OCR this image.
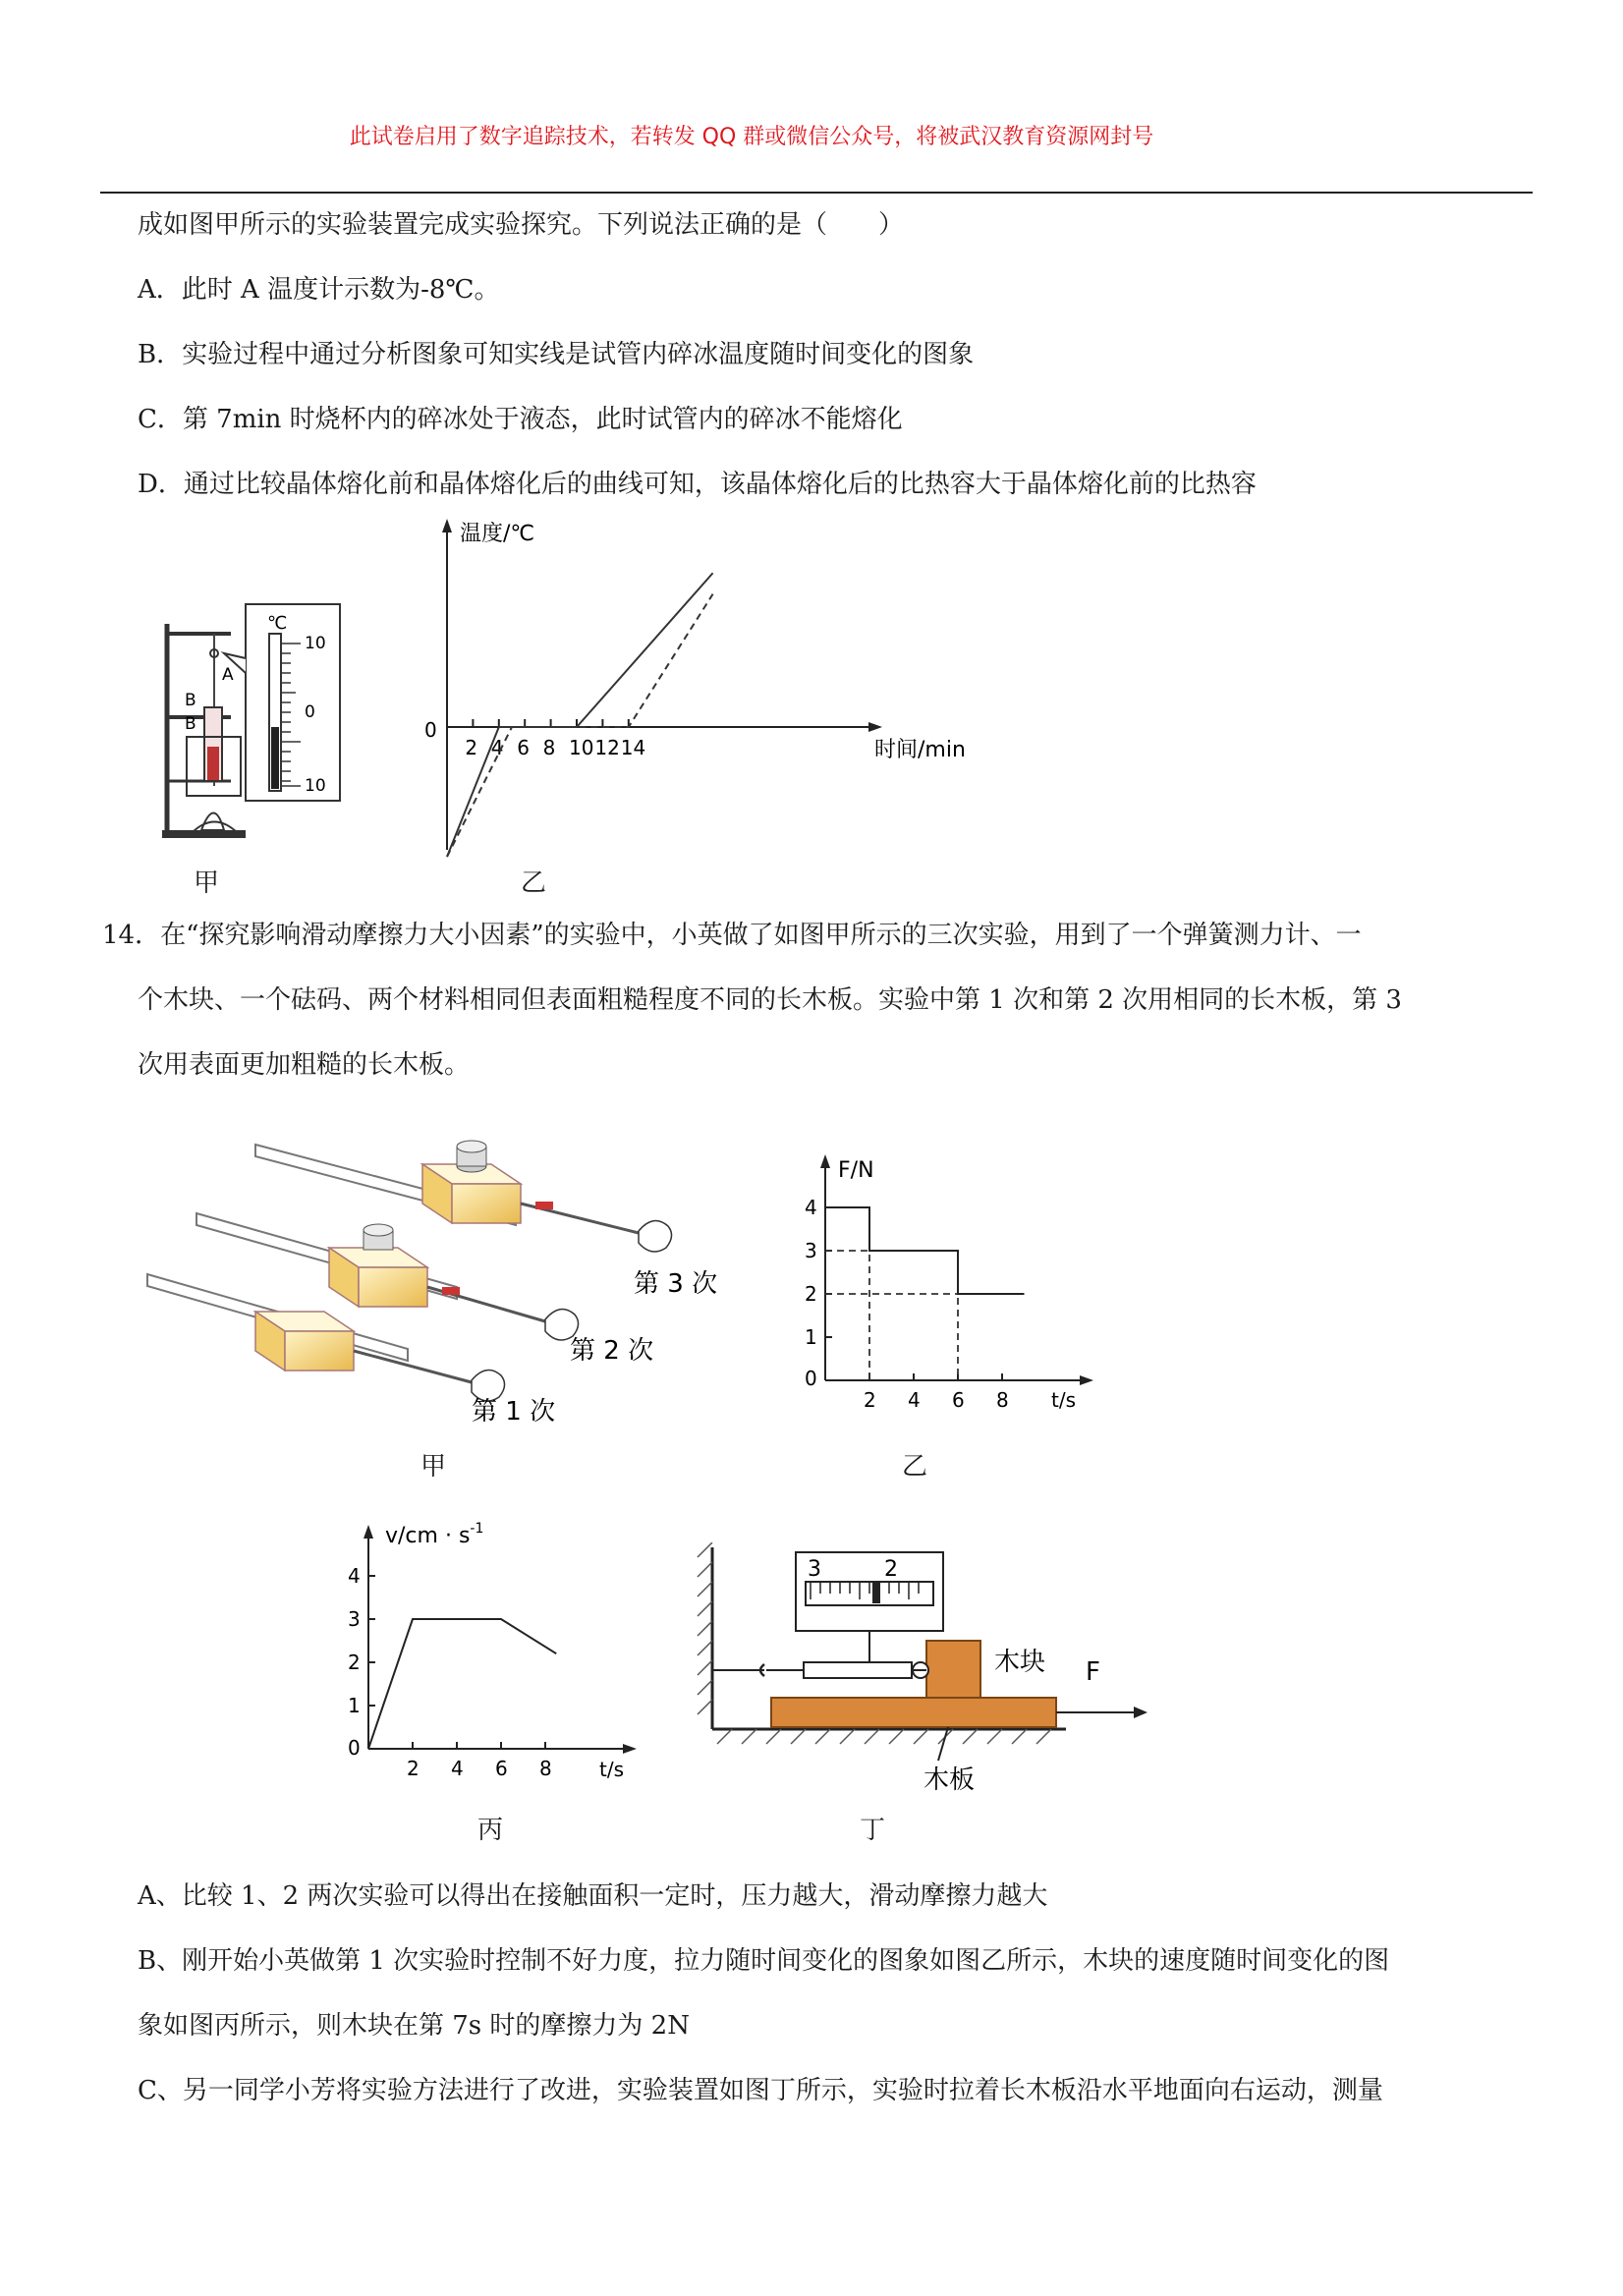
此试卷启用了数字追踪技术，若转发 QQ 群或微信公众号，将被武汉教育资源网封号
成如图甲所示的实验装置完成实验探究。下列说法正确的是（　　）
A．此时 A 温度计示数为-8℃。
B．实验过程中通过分析图象可知实线是试管内碎冰温度随时间变化的图象
C．第 7min 时烧杯内的碎冰处于液态，此时试管内的碎冰不能熔化
D．通过比较晶体熔化前和晶体熔化后的曲线可知，该晶体熔化后的比热容大于晶体熔化前的比热容
℃
10
0
10
A
B
B
甲
温度/℃
时间/min
0
2 4 6 8 10 12 14
乙
14．在“探究影响滑动摩擦力大小因素”的实验中，小英做了如图甲所示的三次实验，用到了一个弹簧测力计、一
个木块、一个砝码、两个材料相同但表面粗糙程度不同的长木板。实验中第 1 次和第 2 次用相同的长木板，第 3
次用表面更加粗糙的长木板。
第 3 次
第 2 次
第 1 次
甲
F/N
t/s
0
2 4 6 8
1
2
3
4
乙
$v/cm \cdot s^{-1}$
t/s
0
2 4 6 8
1
2
3
4
丙
3	2
木块 F
木板
丁
A、比较 1、2 两次实验可以得出在接触面积一定时，压力越大，滑动摩擦力越大
B、刚开始小英做第 1 次实验时控制不好力度，拉力随时间变化的图象如图乙所示，木块的速度随时间变化的图
象如图丙所示，则木块在第 7s 时的摩擦力为 2N
C、另一同学小芳将实验方法进行了改进，实验装置如图丁所示，实验时拉着长木板沿水平地面向右运动，测量
